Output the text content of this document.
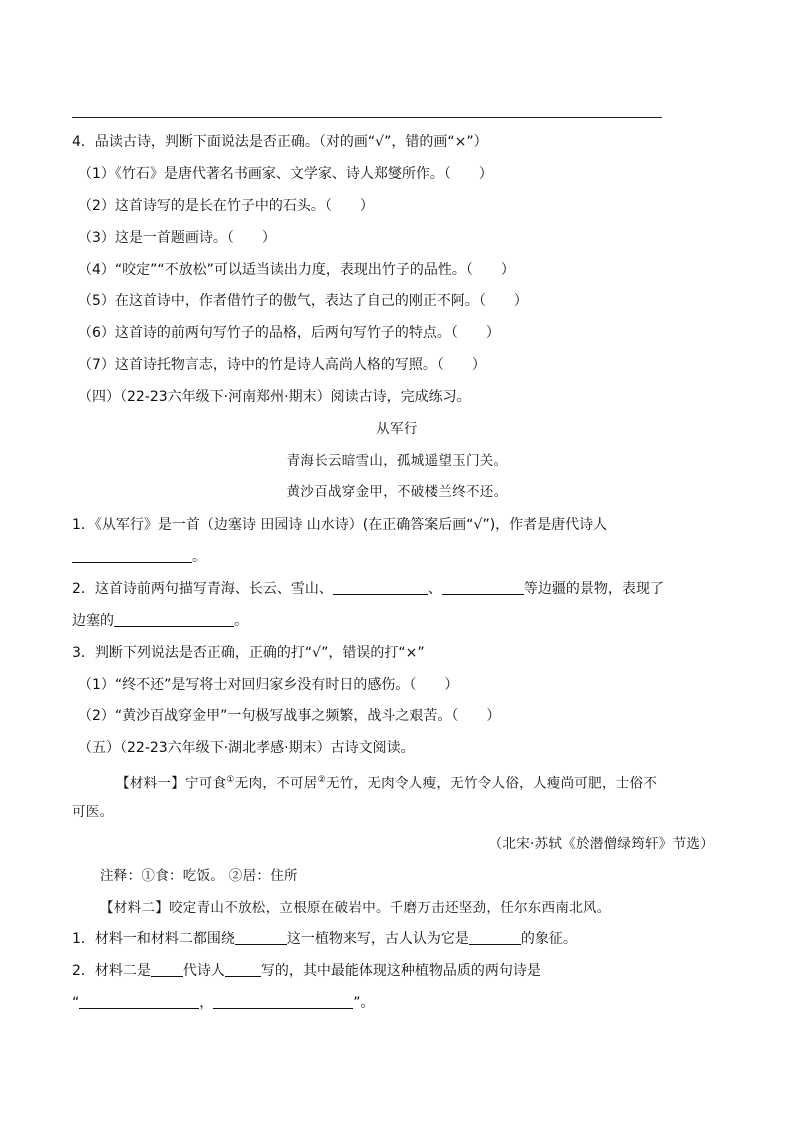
4．品读古诗，判断下面说法是否正确。（对的画“√”，错的画“×”）
（1）《竹石》是唐代著名书画家、文学家、诗人郑燮所作。（　　）
（2）这首诗写的是长在竹子中的石头。（　　）
（3）这是一首题画诗。（　　）
（4）“咬定”“不放松”可以适当读出力度，表现出竹子的品性。（　　）
（5）在这首诗中，作者借竹子的傲气，表达了自己的刚正不阿。（　　）
（6）这首诗的前两句写竹子的品格，后两句写竹子的特点。（　　）
（7）这首诗托物言志，诗中的竹是诗人高尚人格的写照。（　　）
（四）（22-23六年级下·河南郑州·期末）阅读古诗，完成练习。
从军行
青海长云暗雪山，孤城遥望玉门关。
黄沙百战穿金甲，不破楼兰终不还。
1．《从军行》是一首（边塞诗 田园诗 山水诗）(在正确答案后画“√”)，作者是唐代诗人
。
2．这首诗前两句描写青海、长云、雪山、	、	等边疆的景物，表现了
边塞的	。
3．判断下列说法是否正确，正确的打“√”，错误的打“×”
（1）“终不还”是写将士对回归家乡没有时日的感伤。（　　）
（2）“黄沙百战穿金甲”一句极写战事之频繁，战斗之艰苦。（　　）
（五）（22-23六年级下·湖北孝感·期末）古诗文阅读。
【材料一】宁可食①无肉，不可居②无竹，无肉令人瘦，无竹令人俗，人瘦尚可肥，士俗不
可医。
（北宋·苏轼《於潜僧绿筠轩》节选）
注释：①食：吃饭。 ②居：住所
【材料二】咬定青山不放松，立根原在破岩中。千磨万击还坚劲，任尔东西南北风。
1．材料一和材料二都围绕	这一植物来写，古人认为它是	的象征。
2．材料二是 代诗人	写的，其中最能体现这种植物品质的两句诗是
“	，	”。
